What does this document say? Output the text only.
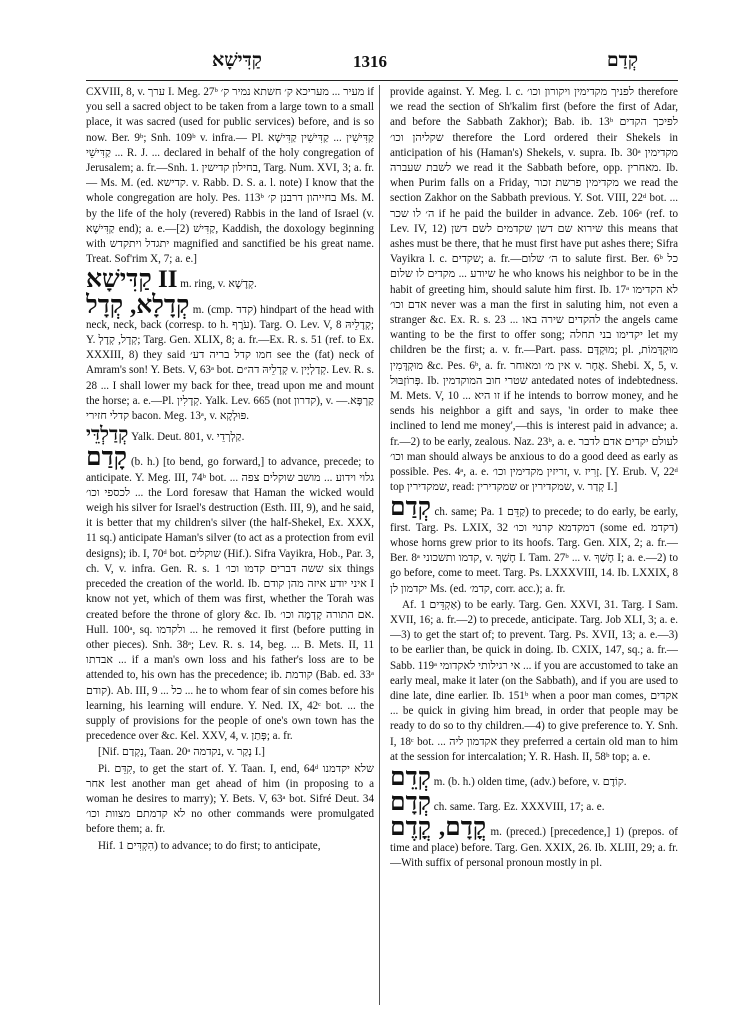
קַדִּישָׁא	1316	קְדַם

CXVIII, 8, v. ערך I. Meg. 27ᵇ מעיר ... מעריכא ק׳ חשתא נמיר ק׳ if you sell a sacred object to be taken from a large town to a small place, it was sacred (used for public services) before, and is so now. Ber. 9ᵇ; Snh. 109ᵇ v. infra.— Pl. קַדִּישִׁין ... קַדִּישִׁין קַדִּישָׁא קַדִּישֵׁי ... R. J. ... declared in behalf of the holy congregation of Jerusalem; a. fr.—Snh. 1. בחילון קדישין, Targ. Num. XVI, 3; a. fr.— Ms. M. (ed. קדישא. v. Rabb. D. S. a. l. note) I know that the whole congregation are holy. Pes. 113ᵇ בחייהון דרבנן ק׳ Ms. M. by the life of the holy (revered) Rabbis in the land of Israel (v. קַדִּישָׁא end); a. e.—[2) קַדִּישׁ, Kaddish, the doxology beginning with יתגדל ויתקדש magnified and sanctified be his great name. Treat. Sof'rim X, 7; a. e.]

קַדִּישָׁא II m. ring, v. קְדָשָׁא.

קְדָלָא, קְדָל m. (cmp. קדד) hindpart of the head with neck, neck, back (corresp. to h. עֹרֶף). Targ. O. Lev. V, 8 קְדָלֵיהּ; Y. קְדָל, קְדָלְ; Targ. Gen. XLIX, 8; a. fr.—Ex. R. s. 51 (ref. to Ex. XXXIII, 8) they said חמו קדל בריה דע׳ see the (fat) neck of Amram's son! Y. Bets. V, 63ᵃ bot. קְדָלֵיהּ דה״ם v. קְדַלְיָין. Lev. R. s. 28 ... I shall lower my back for thee, tread upon me and mount the horse; a. e.—Pl. קְדָלִין. Yalk. Lev. 665 (not קדרון), v. קַרְפָּא.—קדלי חזירי bacon. Meg. 13ᵃ, v. פּוּלְקָא.

קְדַלְדֵּי Yalk. Deut. 801, v. קַלְרְדֵי.

קָדַם (b. h.) [to bend, go forward,] to advance, precede; to anticipate. Y. Meg. III, 74ᵇ bot. גלוי וידוע ... מושב שוקלים צפה ... לכספי וכו׳ ... the Lord foresaw that Haman the wicked would weigh his silver for Israel's destruction (Esth. III, 9), and he said, it is better that my children's silver (the half-Shekel, Ex. XXX, 11 sq.) anticipate Haman's silver (to act as a protection from evil designs); ib. I, 70ᵈ bot. שוקלים (Hif.). Sifra Vayikra, Hob., Par. 3, ch. V, v. infra. Gen. R. s. 1 ששה דברים קדמו וכו׳ six things preceded the creation of the world. Ib. איני יודע איזה מהן קודם I know not yet, which of them was first, whether the Torah was created before the throne of glory &c. Ib. אם התורה קָדְמָה וכו׳. Hull. 100ᵃ, sq. ולקדמו ... he removed it first (before putting in other pieces). Snh. 38ᵃ; Lev. R. s. 14, beg. ... B. Mets. II, 11 אבדתו ... if a man's own loss and his father's loss are to be attended to, his own has the precedence; ib. קודמת (Bab. ed. 33ᵃ קודם). Ab. III, 9 ... כל ... he to whom fear of sin comes before his learning, his learning will endure. Y. Ned. IX, 42ᶜ bot. ... the supply of provisions for the people of one's own town has the precedence over &c. Kel. XXV, 4, v. פְּתַן; a. fr.

[Nif. נִקְדַם, Taan. 20ᵃ נקדמה, v. נְקַר I.]

Pi. קִדֵּם, to get the start of. Y. Taan. I, end, 64ᵈ שלא יקדמנו אחר lest another man get ahead of him (in proposing to a woman he desires to marry); Y. Bets. V, 63ᵃ bot. Sifré Deut. 34 לא קדמתם מצוות וכו׳ no other commands were promulgated before them; a. fr.

Hif. הִקְדִּים 1) to advance; to do first; to anticipate,

provide against. Y. Meg. l. c. לפניך מקדימין ויקורון וכו׳ therefore we read the section of Sh'kalim first (before the first of Adar, and before the Sabbath Zakhor); Bab. ib. 13ᵇ לפיכך הקדים שקליהן וכו׳ therefore the Lord ordered their Shekels in anticipation of his (Haman's) Shekels, v. supra. Ib. 30ᵃ מקדימין לשבת שעברה we read it the Sabbath before, opp. מאחרין. Ib. when Purim falls on a Friday, מקדימין פרשת זכור we read the section Zakhor on the Sabbath previous. Y. Sot. VIII, 22ᵈ bot. ... ה׳ לו שכר if he paid the builder in advance. Zeb. 106ᵃ (ref. to Lev. IV, 12) שירוא שם דשן שקדמים לשם דשן this means that ashes must be there, that he must first have put ashes there; Sifra Vayikra l. c. שקדים; a. fr.—ה׳ שלום to salute first. Ber. 6ᵇ כל שיודע ... מקדים לו שלום he who knows his neighbor to be in the habit of greeting him, should salute him first. Ib. 17ᵃ לא הקדימו אדם וכו׳ never was a man the first in saluting him, not even a stranger &c. Ex. R. s. 23 ... להקדים שירה באו the angels came wanting to be the first to offer song; יקדימו בני תחלה let my children be the first; a. v. fr.—Part. pass. מוּקְדָּם; pl. מוּקְדָּמוֹת, מוּקְדָּמִין &c. Pes. 6ᵇ, a. fr. אין מ׳ ומאוחר v. אֶחָר. Shebi. X, 5, v. פְּרוֹזְבּוּל. Ib. שטרי חוב המוקדמין antedated notes of indebtedness. M. Mets. V, 10 ... זו היא if he intends to borrow money, and he sends his neighbor a gift and says, 'in order to make thee inclined to lend me money',—this is interest paid in advance; a. fr.—2) to be early, zealous. Naz. 23ᵇ, a. e. לעולם יקדים אדם לדבר וכו׳ man should always be anxious to do a good deed as early as possible. Pes. 4ᵃ, a. e. זריזין מקדימין וכו׳, v. זָרִיז. [Y. Erub. V, 22ᵈ top שמקדירין, read: שמקדירין or שמקדירין, v. קְדַר I.]

קְדַם ch. same; Pa. קַדֵּם 1) to precede; to do early, be early, first. Targ. Ps. LXIX, 32 דמקדמא קרנוי וכו׳ (some ed. דקדמ) whose horns grew prior to its hoofs. Targ. Gen. XIX, 2; a. fr.—Ber. 8ᵃ קדמו ותשכוני, v. חָשַׁךְ I. Tam. 27ᵇ ... v. חָשַׁךְ I; a. e.—2) to go before, come to meet. Targ. Ps. LXXXVIII, 14. Ib. LXXIX, 8 יקדמון לן Ms. (ed. קדמ׳, corr. acc.); a. fr.

Af. אַקְדֵּים 1) to be early. Targ. Gen. XXVI, 31. Targ. I Sam. XVII, 16; a. fr.—2) to precede, anticipate. Targ. Job XLI, 3; a. e.—3) to get the start of; to prevent. Targ. Ps. XVII, 13; a. e.—3) to be earlier than, be quick in doing. Ib. CXIX, 147, sq.; a. fr.—Sabb. 119ᵃ אי רגילותי לאקדומי ... if you are accustomed to take an early meal, make it later (on the Sabbath), and if you are used to dine late, dine earlier. Ib. 151ᵇ when a poor man comes, אקדים ... be quick in giving him bread, in order that people may be ready to do so to thy children.—4) to give preference to. Y. Snh. I, 18ᶜ bot. ... אקדמון ליה they preferred a certain old man to him at the session for intercalation; Y. R. Hash. II, 58ᵇ top; a. e.

קְדֵם m. (b. h.) olden time, (adv.) before, v. קוֹדֶם.

קְדָם ch. same. Targ. Ez. XXXVIII, 17; a. e.

קֳדָם, קֳדֶם m. (preced.) [precedence,] 1) (prepos. of time and place) before. Targ. Gen. XXIX, 26. Ib. XLIII, 29; a. fr.—With suffix of personal pronoun mostly in pl.
